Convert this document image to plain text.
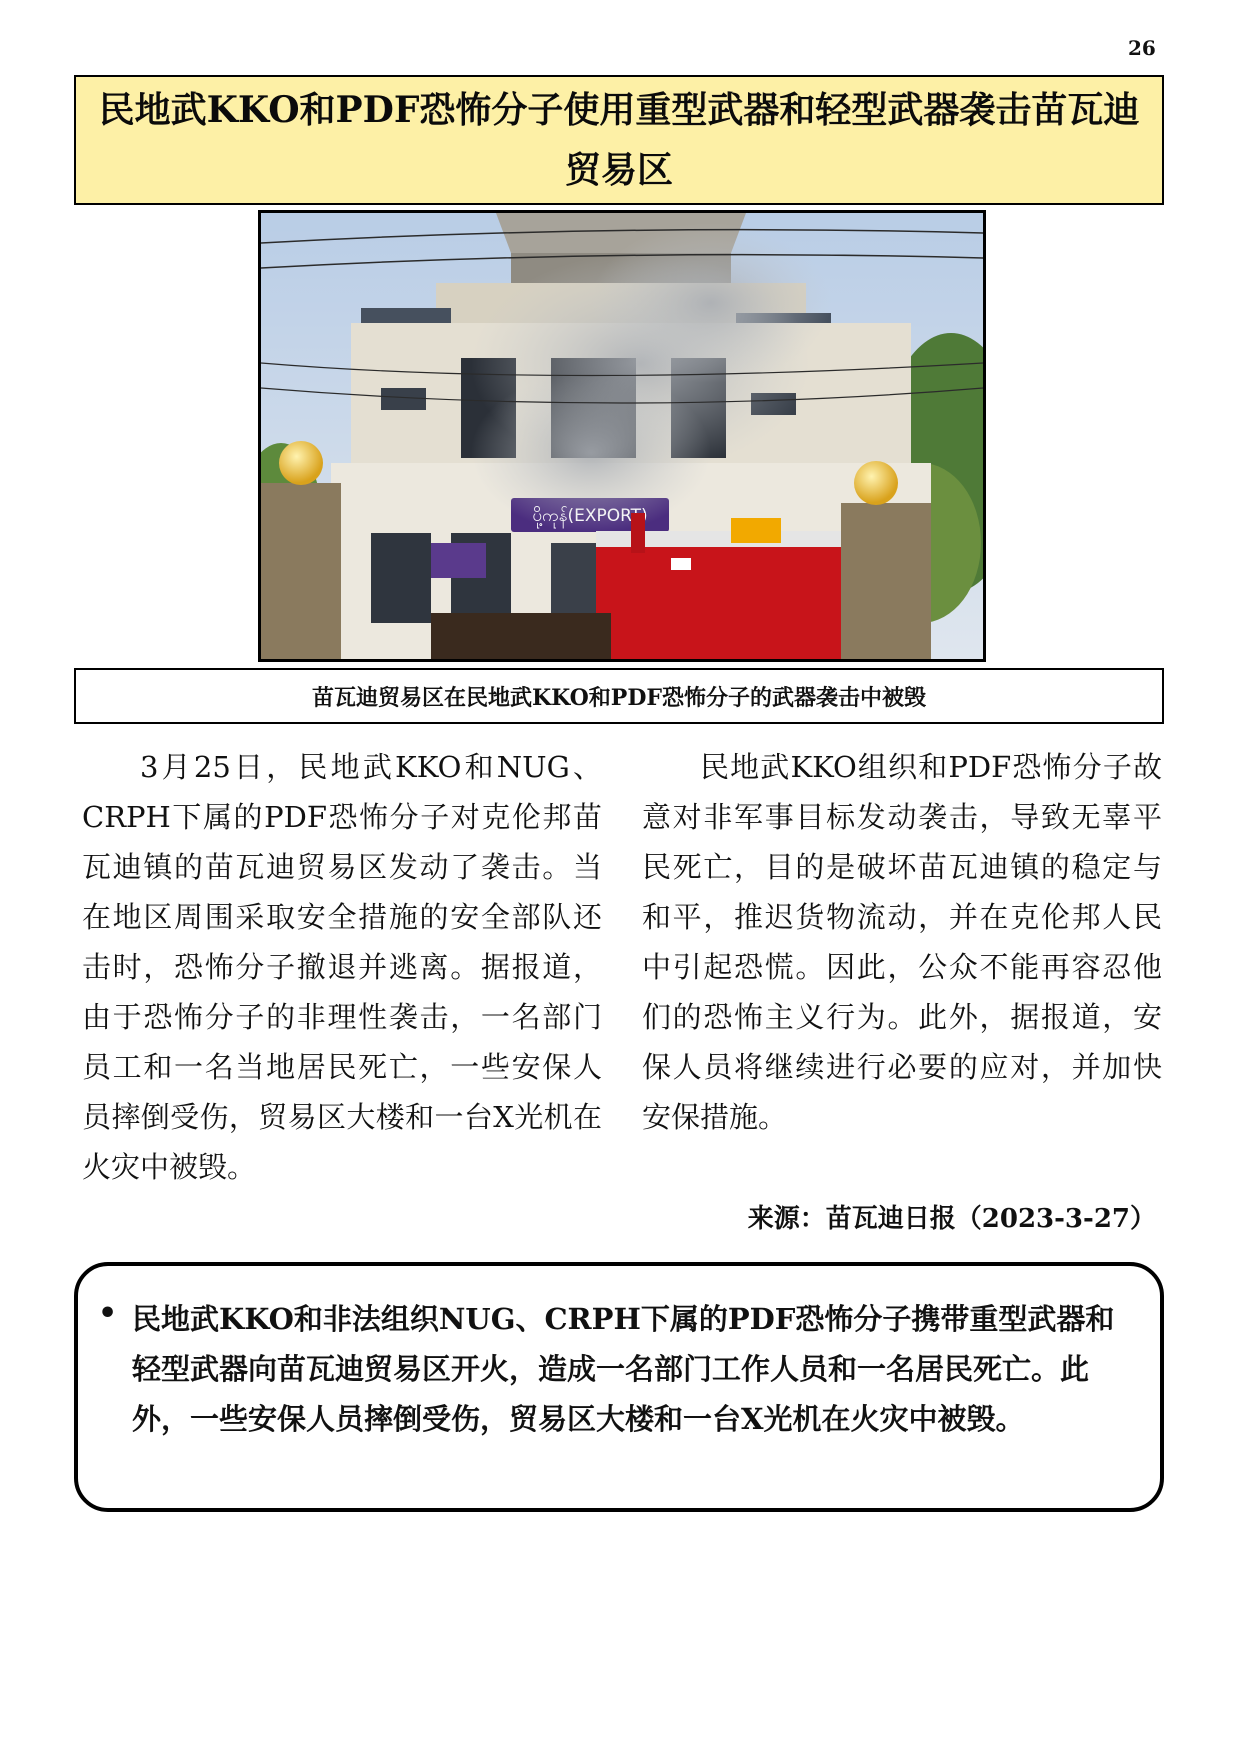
26
民地武KKO和PDF恐怖分子使用重型武器和轻型武器袭击苗瓦迪贸易区
苗瓦迪贸易区在民地武KKO和PDF恐怖分子的武器袭击中被毁
3月25日，民地武KKO和NUG、CRPH下属的PDF恐怖分子对克伦邦苗瓦迪镇的苗瓦迪贸易区发动了袭击。当在地区周围采取安全措施的安全部队还击时，恐怖分子撤退并逃离。据报道，由于恐怖分子的非理性袭击，一名部门员工和一名当地居民死亡，一些安保人员摔倒受伤，贸易区大楼和一台X光机在火灾中被毁。
民地武KKO组织和PDF恐怖分子故意对非军事目标发动袭击，导致无辜平民死亡，目的是破坏苗瓦迪镇的稳定与和平，推迟货物流动，并在克伦邦人民中引起恐慌。因此，公众不能再容忍他们的恐怖主义行为。此外，据报道，安保人员将继续进行必要的应对，并加快安保措施。
来源：苗瓦迪日报（2023-3-27）
• 民地武KKO和非法组织NUG、CRPH下属的PDF恐怖分子携带重型武器和轻型武器向苗瓦迪贸易区开火，造成一名部门工作人员和一名居民死亡。此外，一些安保人员摔倒受伤，贸易区大楼和一台X光机在火灾中被毁。
